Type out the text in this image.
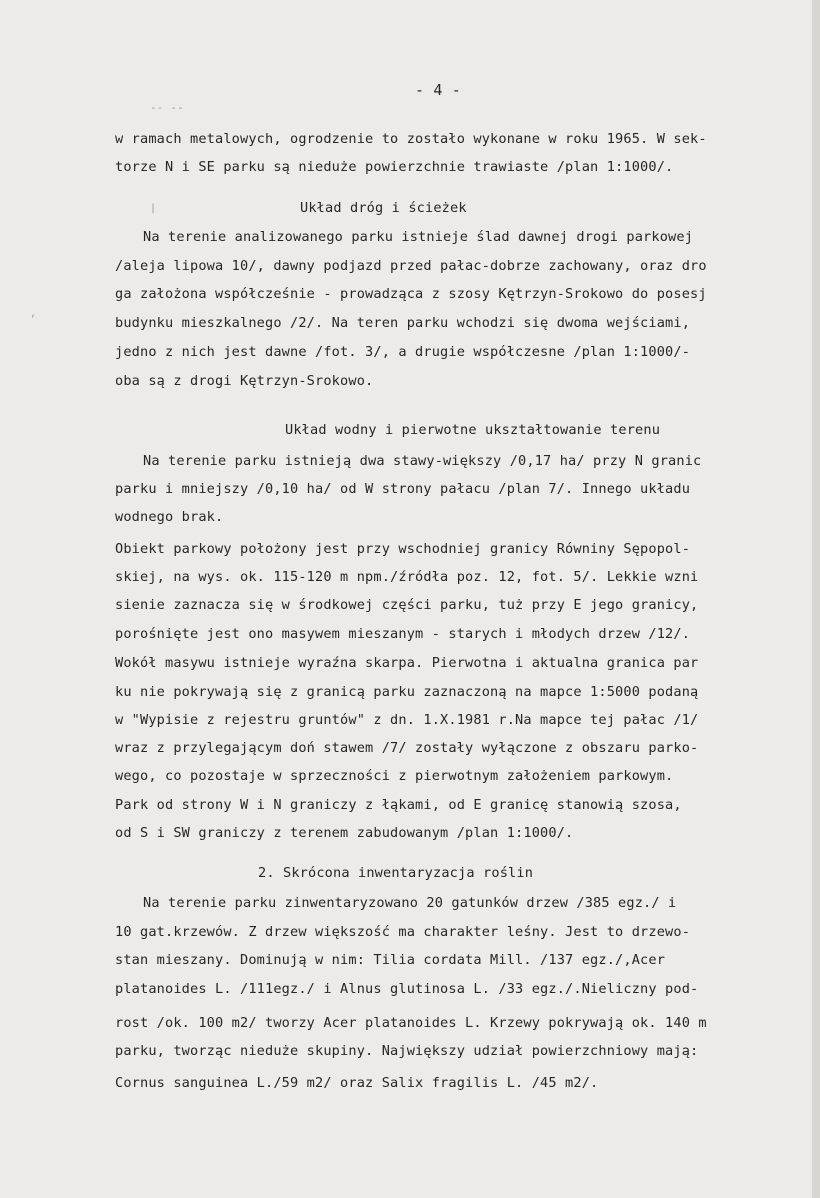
- 4 -
-- --
w ramach metalowych, ogrodzenie to zostało wykonane w roku 1965. W sek-
torze N i SE parku są nieduże powierzchnie trawiaste /plan 1:1000/.
Układ dróg i ścieżek
Na terenie analizowanego parku istnieje ślad dawnej drogi parkowej
/aleja lipowa 10/, dawny podjazd przed pałac-dobrze zachowany, oraz dro
ga założona współcześnie - prowadząca z szosy Kętrzyn-Srokowo do posesj
budynku mieszkalnego /2/. Na teren parku wchodzi się dwoma wejściami,
jedno z nich jest dawne /fot. 3/, a drugie współczesne /plan 1:1000/-
oba są z drogi Kętrzyn-Srokowo.
Układ wodny i pierwotne ukształtowanie terenu
Na terenie parku istnieją dwa stawy-większy /0,17 ha/ przy N granic
parku i mniejszy /0,10 ha/ od W strony pałacu /plan 7/. Innego układu
wodnego brak.
Obiekt parkowy położony jest przy wschodniej granicy Równiny Sępopol-
skiej, na wys. ok. 115-120 m npm./źródła poz. 12, fot. 5/. Lekkie wzni
sienie zaznacza się w środkowej części parku, tuż przy E jego granicy,
porośnięte jest ono masywem mieszanym - starych i młodych drzew /12/.
Wokół masywu istnieje wyraźna skarpa. Pierwotna i aktualna granica par
ku nie pokrywają się z granicą parku zaznaczoną na mapce 1:5000 podaną
w "Wypisie z rejestru gruntów" z dn. 1.X.1981 r.Na mapce tej pałac /1/
wraz z przylegającym doń stawem /7/ zostały wyłączone z obszaru parko-
wego, co pozostaje w sprzeczności z pierwotnym założeniem parkowym.
Park od strony W i N graniczy z łąkami, od E granicę stanowią szosa,
od S i SW graniczy z terenem zabudowanym /plan 1:1000/.
2. Skrócona inwentaryzacja roślin
Na terenie parku zinwentaryzowano 20 gatunków drzew /385 egz./ i
10 gat.krzewów. Z drzew większość ma charakter leśny. Jest to drzewo-
stan mieszany. Dominują w nim: Tilia cordata Mill. /137 egz./,Acer
platanoides L. /111egz./ i Alnus glutinosa L. /33 egz./.Nieliczny pod-
rost /ok. 100 m2/ tworzy Acer platanoides L. Krzewy pokrywają ok. 140 m
parku, tworząc nieduże skupiny. Największy udział powierzchniowy mają:
Cornus sanguinea L./59 m2/ oraz Salix fragilis L. /45 m2/.
,
|
